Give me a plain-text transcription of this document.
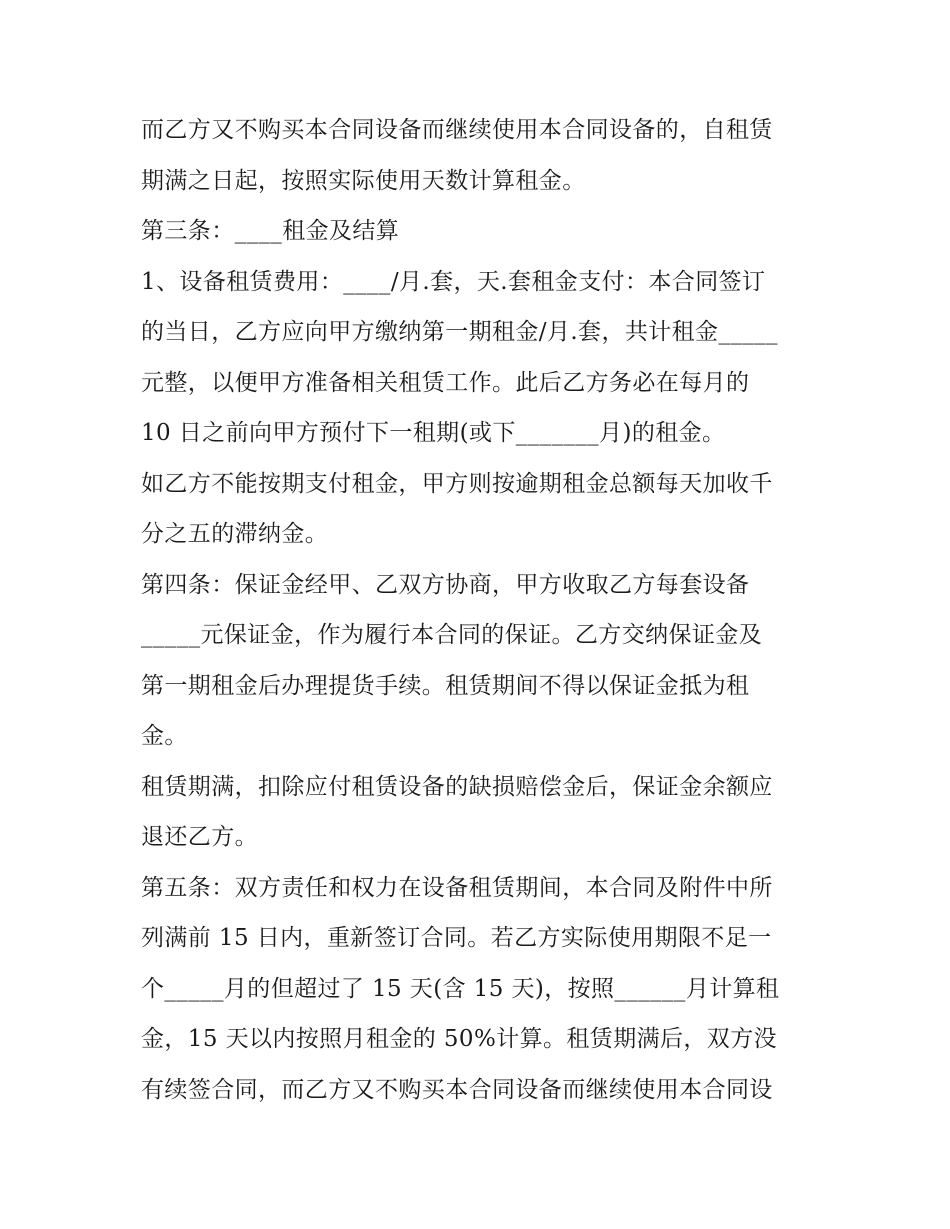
而乙方又不购买本合同设备而继续使用本合同设备的，自租赁
期满之日起，按照实际使用天数计算租金。
第三条：____租金及结算
1、设备租赁费用：____/月.套，天.套租金支付：本合同签订
的当日，乙方应向甲方缴纳第一期租金/月.套，共计租金_____
元整，以便甲方准备相关租赁工作。此后乙方务必在每月的
10 日之前向甲方预付下一租期(或下_______月)的租金。
如乙方不能按期支付租金，甲方则按逾期租金总额每天加收千
分之五的滞纳金。
第四条：保证金经甲、乙双方协商，甲方收取乙方每套设备
_____元保证金，作为履行本合同的保证。乙方交纳保证金及
第一期租金后办理提货手续。租赁期间不得以保证金抵为租
金。
租赁期满，扣除应付租赁设备的缺损赔偿金后，保证金余额应
退还乙方。
第五条：双方责任和权力在设备租赁期间，本合同及附件中所
列满前 15 日内，重新签订合同。若乙方实际使用期限不足一
个_____月的但超过了 15 天(含 15 天)，按照______月计算租
金，15 天以内按照月租金的 50%计算。租赁期满后，双方没
有续签合同，而乙方又不购买本合同设备而继续使用本合同设
